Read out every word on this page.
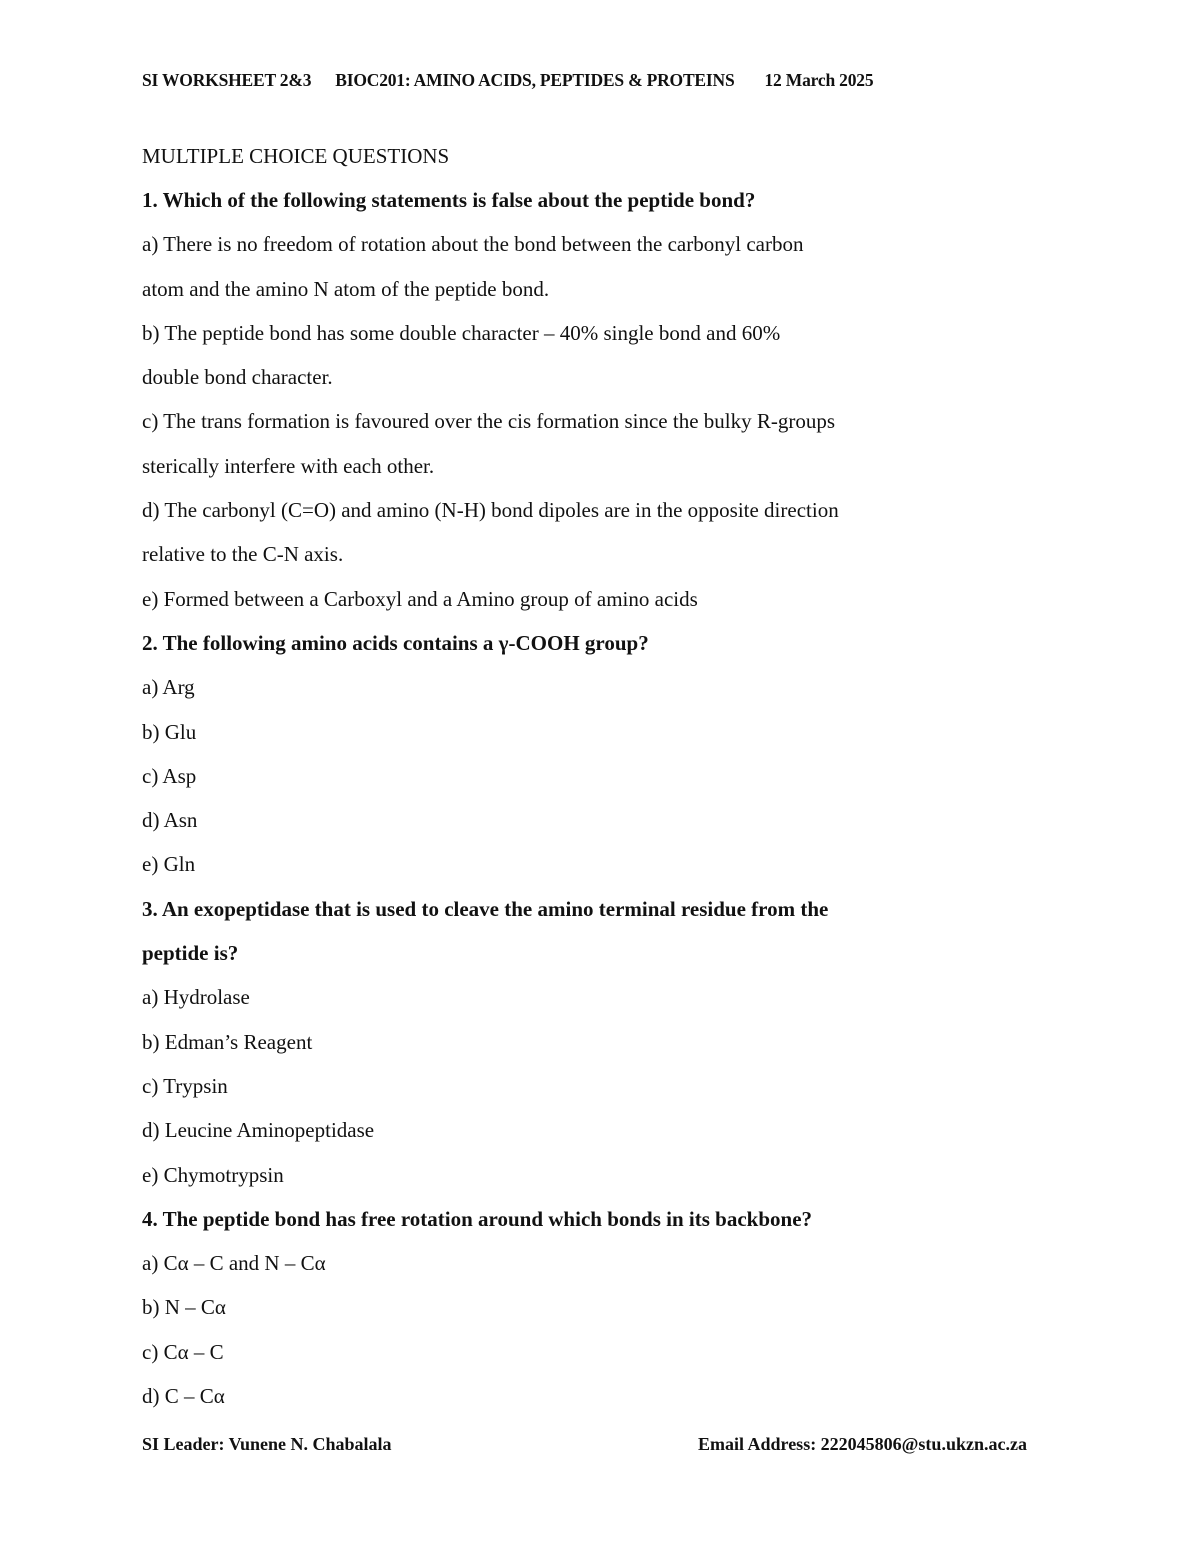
SI WORKSHEET 2&3 BIOC201: AMINO ACIDS, PEPTIDES & PROTEINS 12 March 2025
MULTIPLE CHOICE QUESTIONS
1. Which of the following statements is false about the peptide bond?
a) There is no freedom of rotation about the bond between the carbonyl carbon
atom and the amino N atom of the peptide bond.
b) The peptide bond has some double character – 40% single bond and 60%
double bond character.
c) The trans formation is favoured over the cis formation since the bulky R-groups
sterically interfere with each other.
d) The carbonyl (C=O) and amino (N-H) bond dipoles are in the opposite direction
relative to the C-N axis.
e) Formed between a Carboxyl and a Amino group of amino acids
2. The following amino acids contains a γ-COOH group?
a) Arg
b) Glu
c) Asp
d) Asn
e) Gln
3. An exopeptidase that is used to cleave the amino terminal residue from the
peptide is?
a) Hydrolase
b) Edman’s Reagent
c) Trypsin
d) Leucine Aminopeptidase
e) Chymotrypsin
4. The peptide bond has free rotation around which bonds in its backbone?
a) Cα – C and N – Cα
b) N – Cα
c) Cα – C
d) C – Cα
SI Leader: Vunene N. Chabalala	Email Address: 222045806@stu.ukzn.ac.za
